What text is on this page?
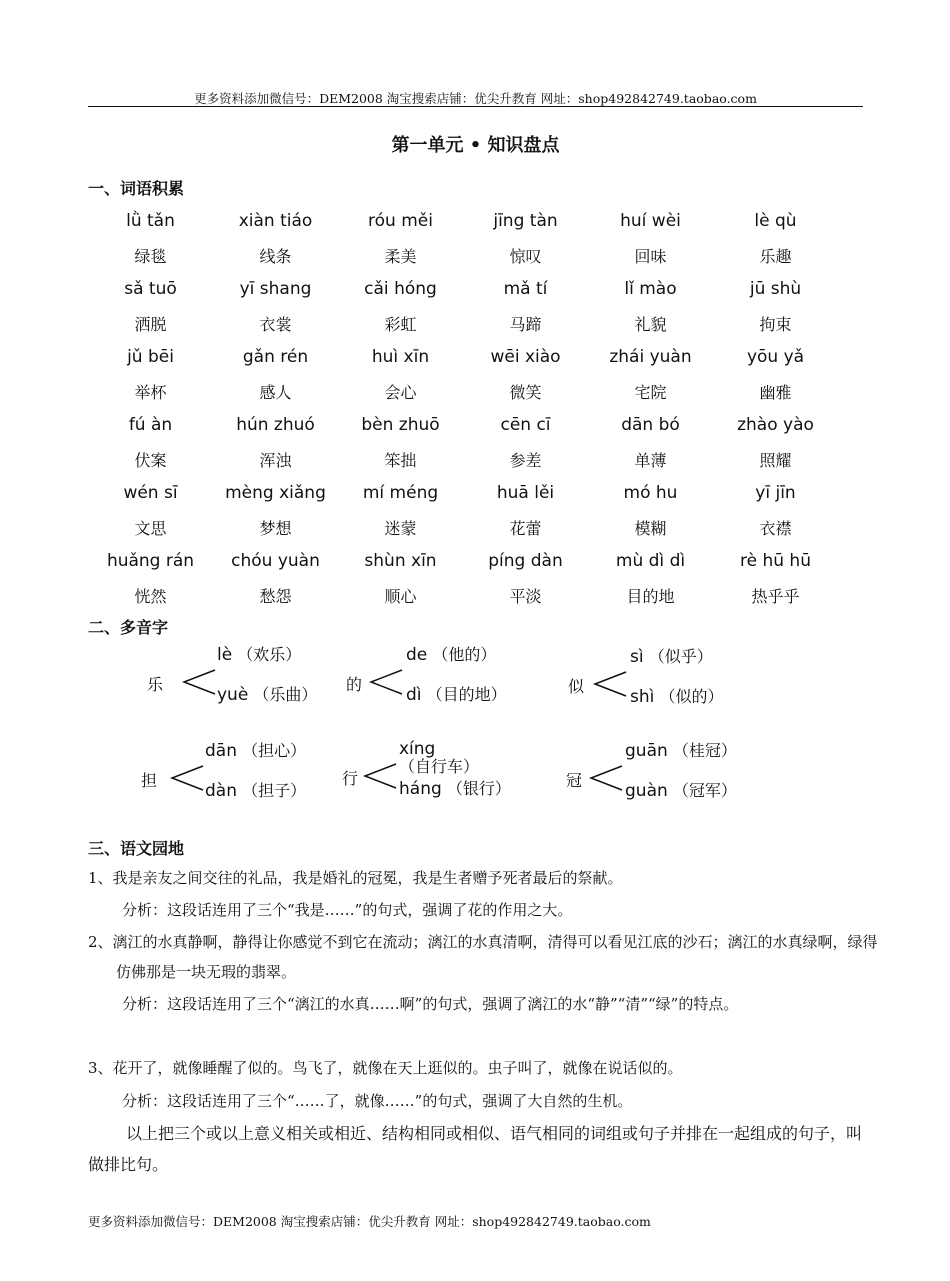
更多资料添加微信号：DEM2008 淘宝搜索店铺：优尖升教育 网址：shop492842749.taobao.com
第一单元 • 知识盘点
一、词语积累
lǜ tǎn	xiàn tiáo	róu měi	jīng tàn	huí wèi	lè qù
绿毯	线条	柔美	惊叹	回味	乐趣
sǎ tuō	yī shang	cǎi hóng	mǎ tí	lǐ mào	jū shù
洒脱	衣裳	彩虹	马蹄	礼貌	拘束
jǔ bēi	gǎn rén	huì xīn	wēi xiào	zhái yuàn	yōu yǎ
举杯	感人	会心	微笑	宅院	幽雅
fú àn	hún zhuó	bèn zhuō	cēn cī	dān bó	zhào yào
伏案	浑浊	笨拙	参差	单薄	照耀
wén sī	mèng xiǎng	mí méng	huā lěi	mó hu	yī jīn
文思	梦想	迷蒙	花蕾	模糊	衣襟
huǎng rán	chóu yuàn	shùn xīn	píng dàn	mù dì dì	rè hū hū
恍然	愁怨	顺心	平淡	目的地	热乎乎
二、多音字
乐
lè （欢乐）
yuè （乐曲）
的
de （他的）
dì （目的地）	似
sì （似乎）
shì （似的）
担
dān （担心）
dàn （担子）
行
xíng （自行车）
háng （银行）	冠
guān （桂冠）
guàn （冠军）
三、语文园地
1、我是亲友之间交往的礼品，我是婚礼的冠冕，我是生者赠予死者最后的祭献。
分析：这段话连用了三个“我是……”的句式，强调了花的作用之大。
2、漓江的水真静啊，静得让你感觉不到它在流动；漓江的水真清啊，清得可以看见江底的沙石；漓江的水真绿啊，绿得仿佛那是一块无瑕的翡翠。
分析：这段话连用了三个“漓江的水真……啊”的句式，强调了漓江的水“静”“清”“绿”的特点。
3、花开了，就像睡醒了似的。鸟飞了，就像在天上逛似的。虫子叫了，就像在说话似的。
分析：这段话连用了三个“……了，就像……”的句式，强调了大自然的生机。
以上把三个或以上意义相关或相近、结构相同或相似、语气相同的词组或句子并排在一起组成的句子，叫做排比句。
更多资料添加微信号：DEM2008 淘宝搜索店铺：优尖升教育 网址：shop492842749.taobao.com
